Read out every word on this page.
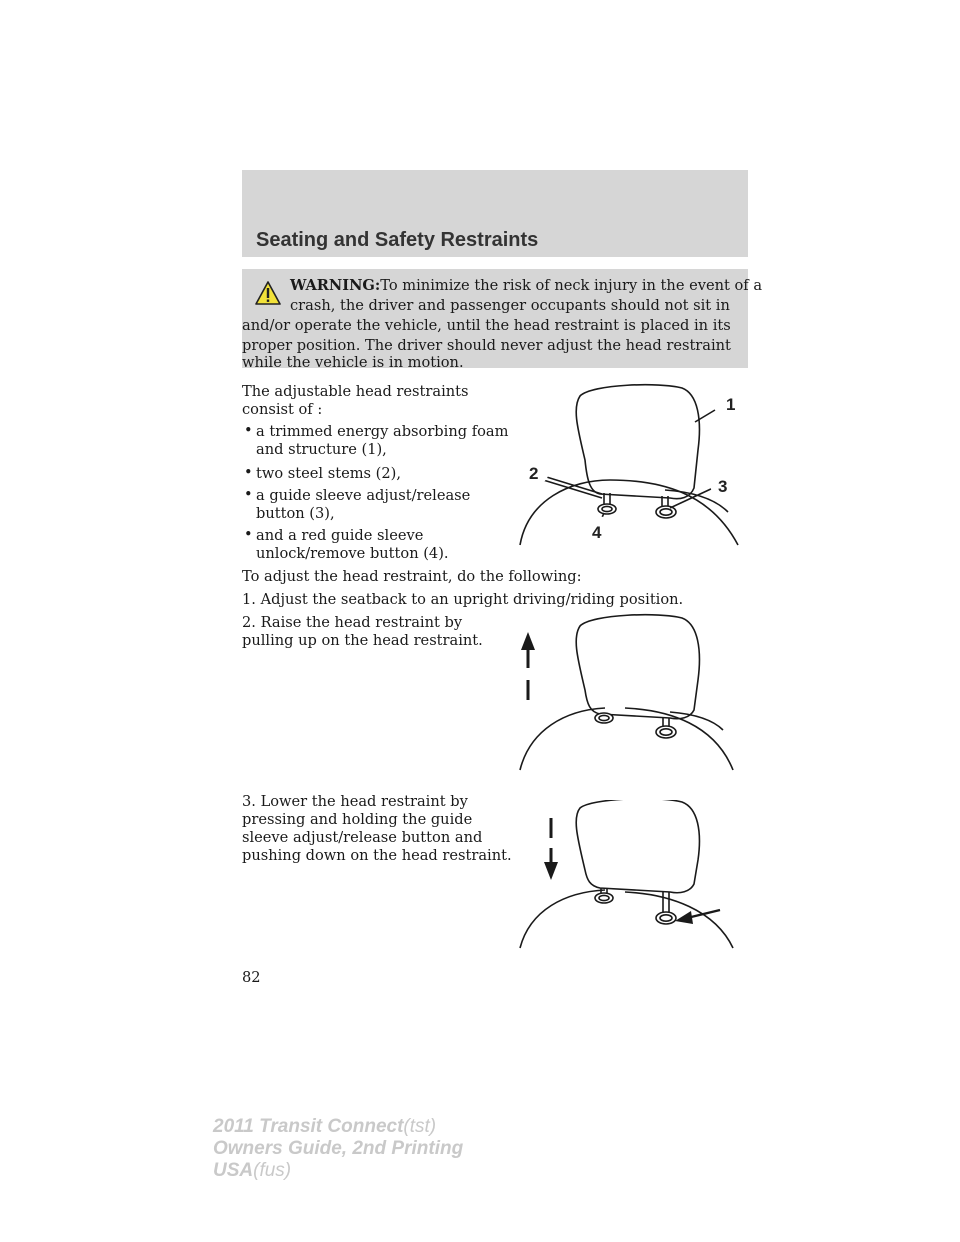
Seating and Safety Restraints
WARNING:To minimize the risk of neck injury in the event of a
crash, the driver and passenger occupants should not sit in
and/or operate the vehicle, until the head restraint is placed in its
proper position. The driver should never adjust the head restraint
while the vehicle is in motion.
The adjustable head restraints
consist of :
• a trimmed energy absorbing foam
and structure (1),
• two steel stems (2),
• a guide sleeve adjust/release
button (3),
• and a red guide sleeve
unlock/remove button (4).
To adjust the head restraint, do the following:
1. Adjust the seatback to an upright driving/riding position.
2. Raise the head restraint by
pulling up on the head restraint.
3. Lower the head restraint by
pressing and holding the guide
sleeve adjust/release button and
pushing down on the head restraint.
1
2
3
4
82
2011 Transit Connect(tst)
Owners Guide, 2nd Printing
USA(fus)
